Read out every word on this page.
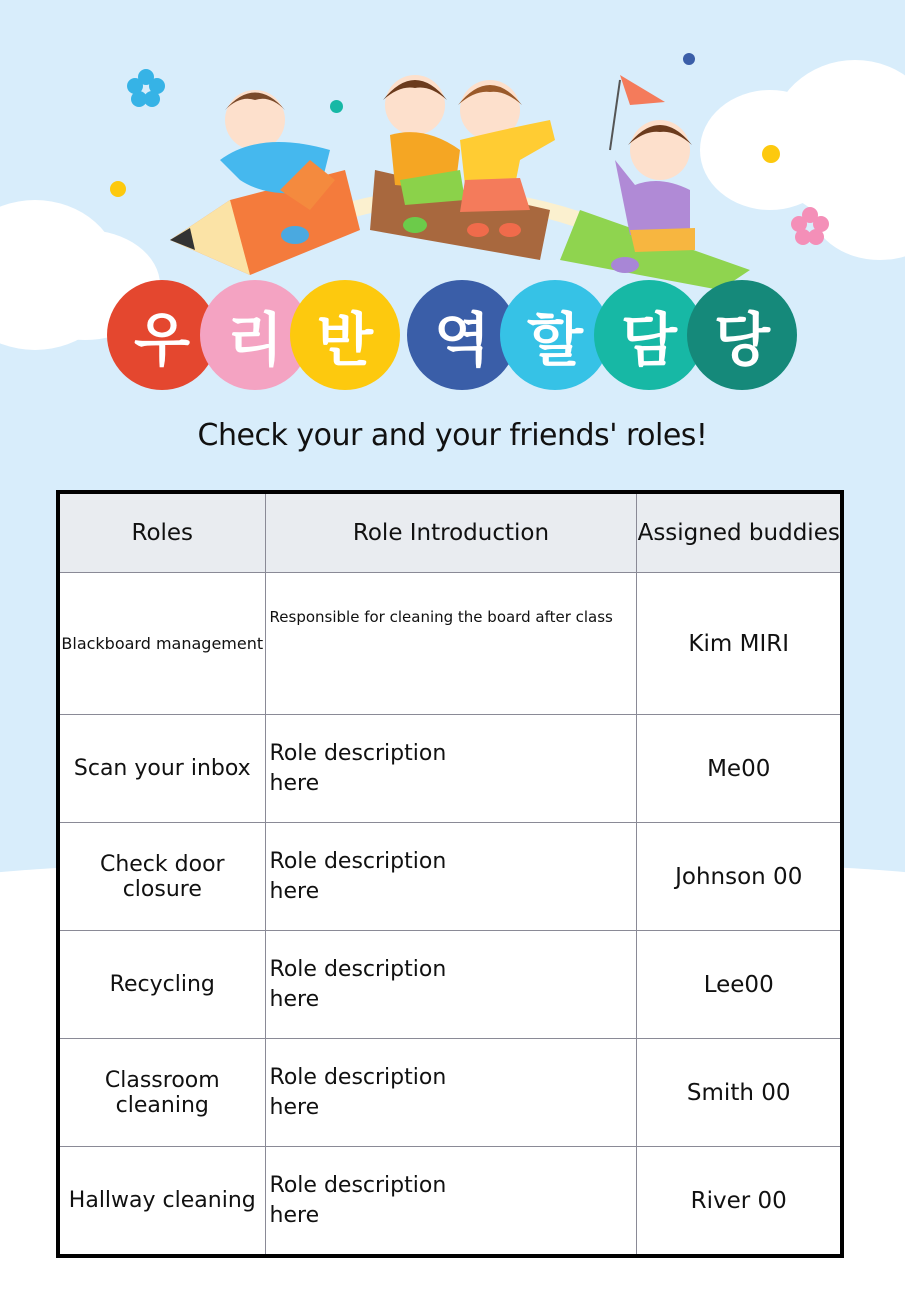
우 리 반	역 할 담 당
Check your and your friends' roles!
Roles	Role Introduction	Assigned buddies
Blackboard management	Responsible for cleaning the board after class	Kim MIRI
Scan your inbox	Role description here	Me00
Check door closure	Role description here	Johnson 00
Recycling	Role description here	Lee00
Classroom cleaning	Role description here	Smith 00
Hallway cleaning	Role description here	River 00
